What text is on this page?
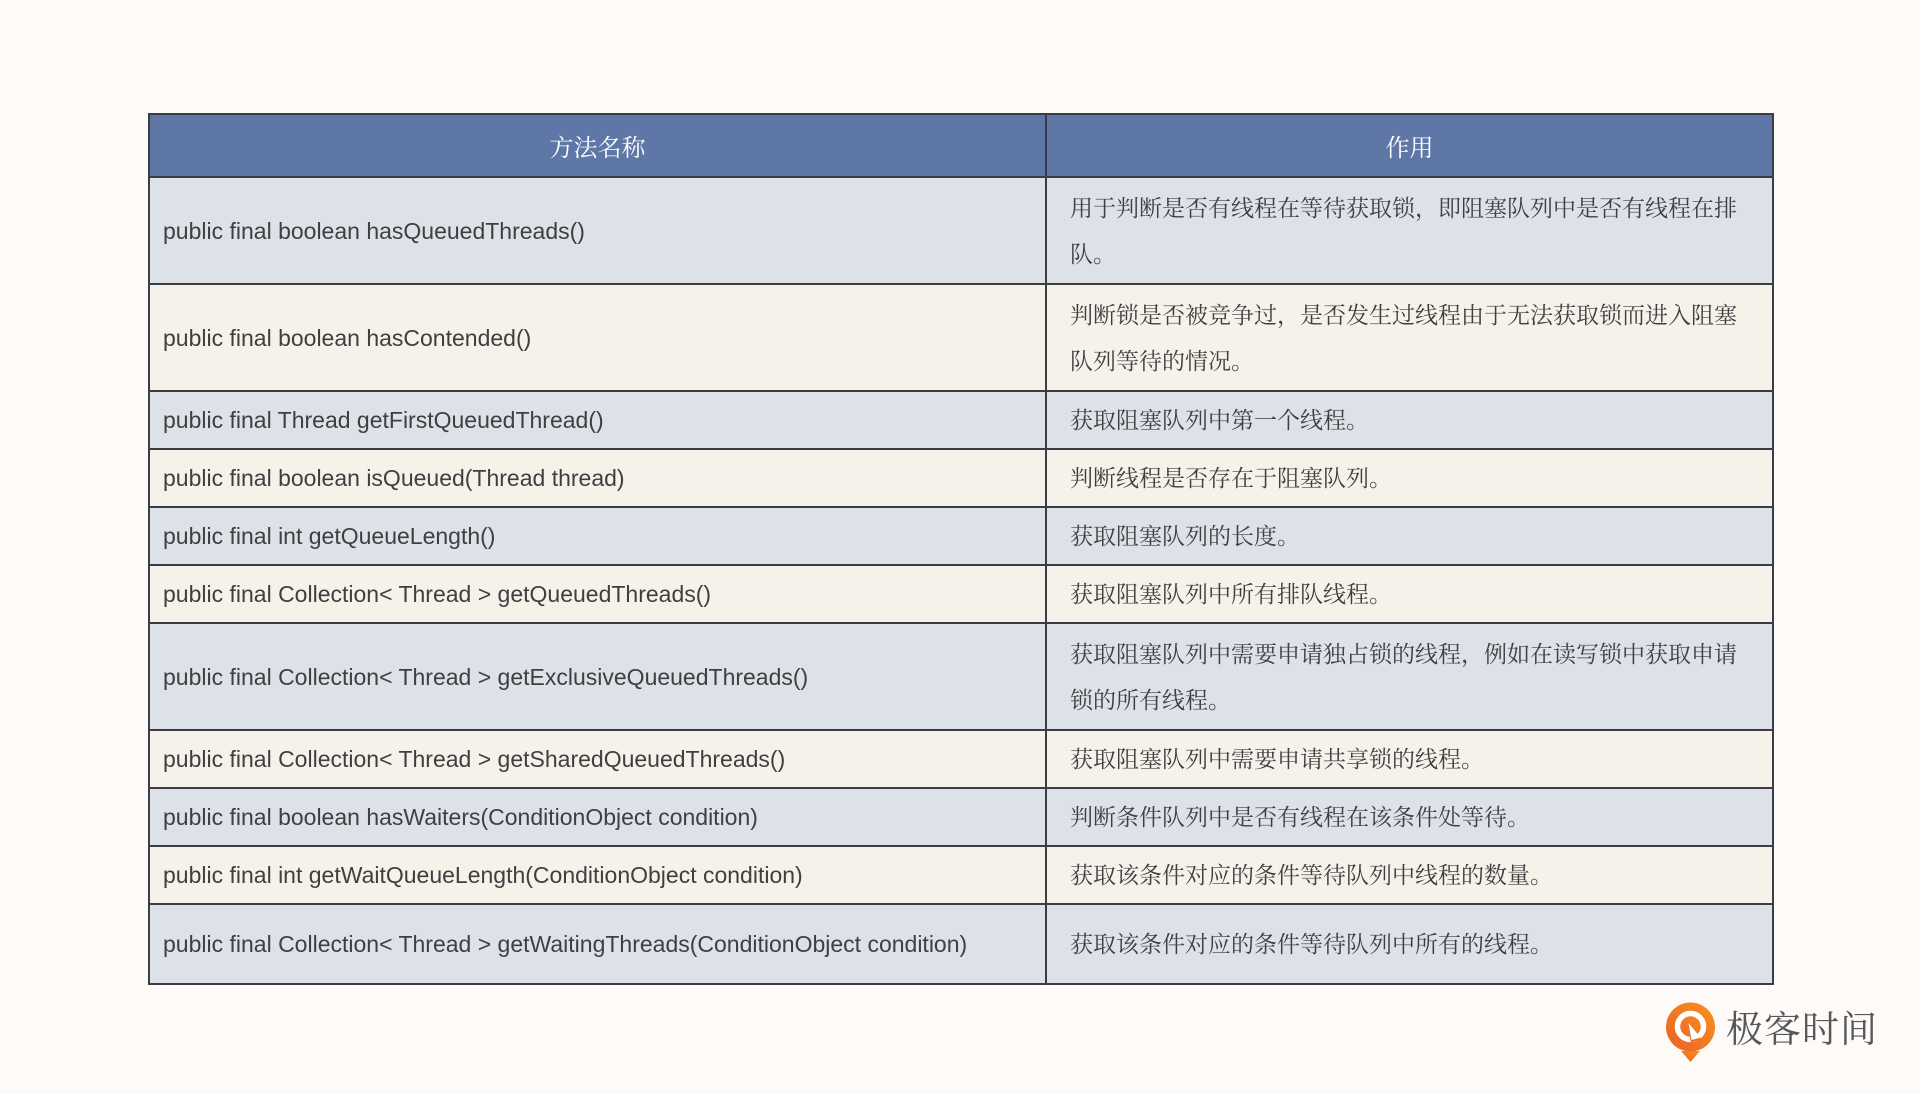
方法名称	作用
public final boolean hasQueuedThreads()	用于判断是否有线程在等待获取锁，即阻塞队列中是否有线程在排队。
public final boolean hasContended()	判断锁是否被竞争过，是否发生过线程由于无法获取锁而进入阻塞队列等待的情况。
public final Thread getFirstQueuedThread()	获取阻塞队列中第一个线程。
public final boolean isQueued(Thread thread)	判断线程是否存在于阻塞队列。
public final int getQueueLength()	获取阻塞队列的长度。
public final Collection< Thread > getQueuedThreads()	获取阻塞队列中所有排队线程。
public final Collection< Thread > getExclusiveQueuedThreads()	获取阻塞队列中需要申请独占锁的线程，例如在读写锁中获取申请锁的所有线程。
public final Collection< Thread > getSharedQueuedThreads()	获取阻塞队列中需要申请共享锁的线程。
public final boolean hasWaiters(ConditionObject condition)	判断条件队列中是否有线程在该条件处等待。
public final int getWaitQueueLength(ConditionObject condition)	获取该条件对应的条件等待队列中线程的数量。
public final Collection< Thread > getWaitingThreads(ConditionObject condition)	获取该条件对应的条件等待队列中所有的线程。
极客时间
